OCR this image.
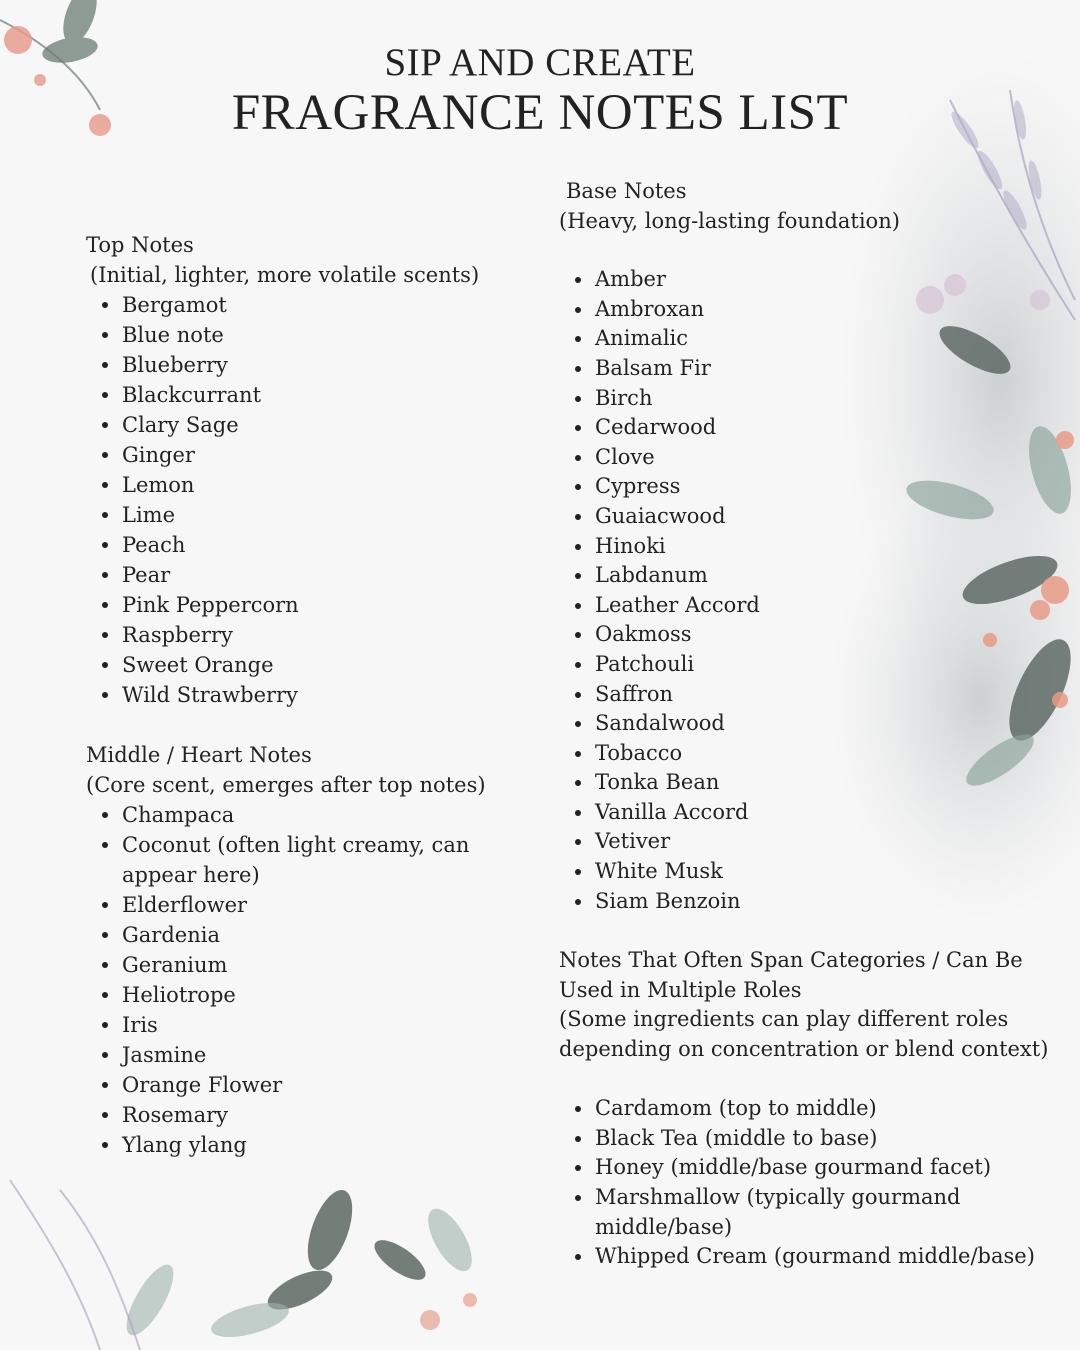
SIP AND CREATE
FRAGRANCE NOTES LIST

Top Notes

(Initial, lighter, more volatile scents)

Bergamot
Blue note
Blueberry
Blackcurrant
Clary Sage
Ginger
Lemon
Lime
Peach
Pear
Pink Peppercorn
Raspberry
Sweet Orange
Wild Strawberry

Middle / Heart Notes

(Core scent, emerges after top notes)

Champaca
Coconut (often light creamy, can appear here)
Elderflower
Gardenia
Geranium
Heliotrope
Iris
Jasmine
Orange Flower
Rosemary
Ylang ylang

Base Notes

(Heavy, long-lasting foundation)

Amber
Ambroxan
Animalic
Balsam Fir
Birch
Cedarwood
Clove
Cypress
Guaiacwood
Hinoki
Labdanum
Leather Accord
Oakmoss
Patchouli
Saffron
Sandalwood
Tobacco
Tonka Bean
Vanilla Accord
Vetiver
White Musk
Siam Benzoin

Notes That Often Span Categories / Can Be Used in Multiple Roles

(Some ingredients can play different roles depending on concentration or blend context)

Cardamom (top to middle)
Black Tea (middle to base)
Honey (middle/base gourmand facet)
Marshmallow (typically gourmand middle/base)
Whipped Cream (gourmand middle/base)
